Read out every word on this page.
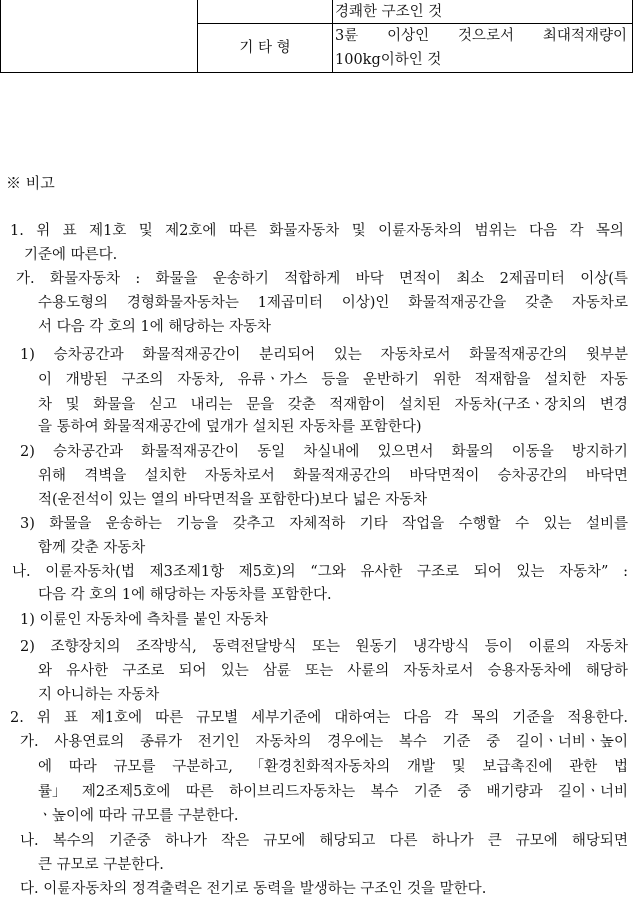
경쾌한 구조인 것
기 타 형
3륜 이상인 것으로서 최대적재량이
100kg이하인 것
※ 비고
1. 위 표 제1호 및 제2호에 따른 화물자동차 및 이륜자동차의 범위는 다음 각 목의
기준에 따른다.
가. 화물자동차 : 화물을 운송하기 적합하게 바닥 면적이 최소 2제곱미터 이상(특
수용도형의 경형화물자동차는 1제곱미터 이상)인 화물적재공간을 갖춘 자동차로
서 다음 각 호의 1에 해당하는 자동차
1) 승차공간과 화물적재공간이 분리되어 있는 자동차로서 화물적재공간의 윗부분
이 개방된 구조의 자동차, 유류ㆍ가스 등을 운반하기 위한 적재함을 설치한 자동
차 및 화물을 싣고 내리는 문을 갖춘 적재함이 설치된 자동차(구조ㆍ장치의 변경
을 통하여 화물적재공간에 덮개가 설치된 자동차를 포함한다)
2) 승차공간과 화물적재공간이 동일 차실내에 있으면서 화물의 이동을 방지하기
위해 격벽을 설치한 자동차로서 화물적재공간의 바닥면적이 승차공간의 바닥면
적(운전석이 있는 열의 바닥면적을 포함한다)보다 넓은 자동차
3) 화물을 운송하는 기능을 갖추고 자체적하 기타 작업을 수행할 수 있는 설비를
함께 갖춘 자동차
나. 이륜자동차(법 제3조제1항 제5호)의 “그와 유사한 구조로 되어 있는 자동차” :
다음 각 호의 1에 해당하는 자동차를 포함한다.
1) 이륜인 자동차에 측차를 붙인 자동차
2) 조향장치의 조작방식, 동력전달방식 또는 원동기 냉각방식 등이 이륜의 자동차
와 유사한 구조로 되어 있는 삼륜 또는 사륜의 자동차로서 승용자동차에 해당하
지 아니하는 자동차
2. 위 표 제1호에 따른 규모별 세부기준에 대하여는 다음 각 목의 기준을 적용한다.
가. 사용연료의 종류가 전기인 자동차의 경우에는 복수 기준 중 길이ㆍ너비ㆍ높이
에 따라 규모를 구분하고, 「환경친화적자동차의 개발 및 보급촉진에 관한 법
률」 제2조제5호에 따른 하이브리드자동차는 복수 기준 중 배기량과 길이ㆍ너비
ㆍ높이에 따라 규모를 구분한다.
나. 복수의 기준중 하나가 작은 규모에 해당되고 다른 하나가 큰 규모에 해당되면
큰 규모로 구분한다.
다. 이륜자동차의 정격출력은 전기로 동력을 발생하는 구조인 것을 말한다.
